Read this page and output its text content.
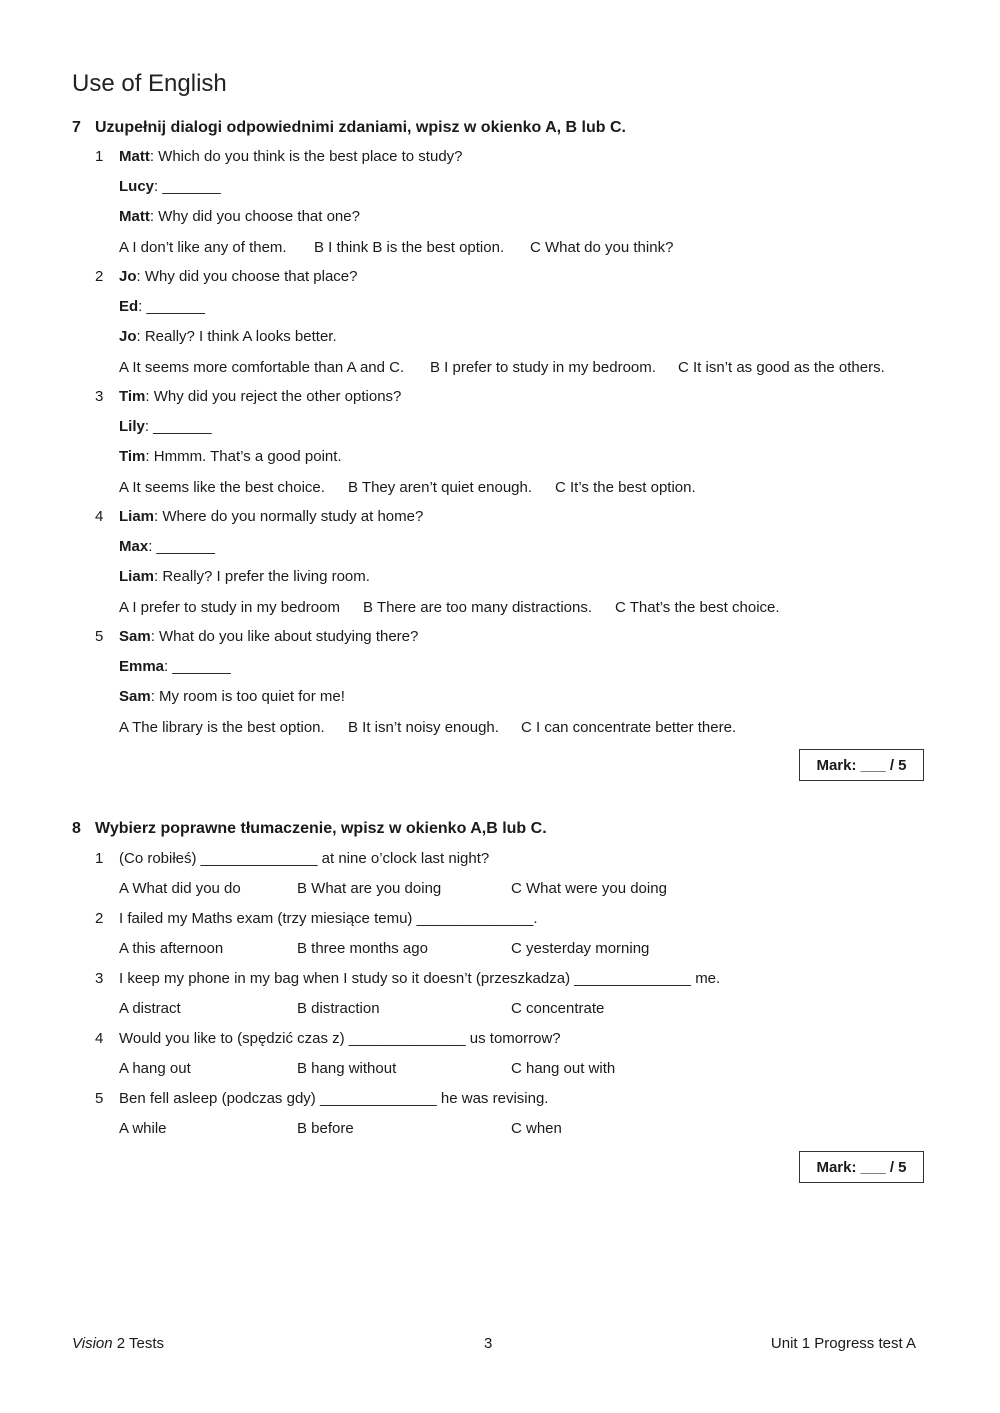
Use of English
7 Uzupełnij dialogi odpowiednimi zdaniami, wpisz w okienko A, B lub C.
1 Matt: Which do you think is the best place to study?
Lucy: _______
Matt: Why did you choose that one?
A I don’t like any of them. B I think B is the best option. C What do you think?
2 Jo: Why did you choose that place?
Ed: _______
Jo: Really? I think A looks better.
A It seems more comfortable than A and C. B I prefer to study in my bedroom. C It isn’t as good as the others.
3 Tim: Why did you reject the other options?
Lily: _______
Tim: Hmmm. That’s a good point.
A It seems like the best choice. B They aren’t quiet enough. C It’s the best option.
4 Liam: Where do you normally study at home?
Max: _______
Liam: Really? I prefer the living room.
A I prefer to study in my bedroom B There are too many distractions. C That’s the best choice.
5 Sam: What do you like about studying there?
Emma: _______
Sam: My room is too quiet for me!
A The library is the best option. B It isn’t noisy enough. C I can concentrate better there.
Mark: ___ / 5
8 Wybierz poprawne tłumaczenie, wpisz w okienko A,B lub C.
1 (Co robiłeś) ______________ at nine o’clock last night?
A What did you do	B What are you doing	C What were you doing
2 I failed my Maths exam (trzy miesiące temu) ______________.
A this afternoon	B three months ago	C yesterday morning
3 I keep my phone in my bag when I study so it doesn’t (przeszkadza) ______________ me.
A distract	B distraction	C concentrate
4 Would you like to (spędzić czas z) ______________ us tomorrow?
A hang out	B hang without	C hang out with
5 Ben fell asleep (podczas gdy) ______________ he was revising.
A while	B before	C when
Mark: ___ / 5
Vision 2 Tests	3	Unit 1 Progress test A
